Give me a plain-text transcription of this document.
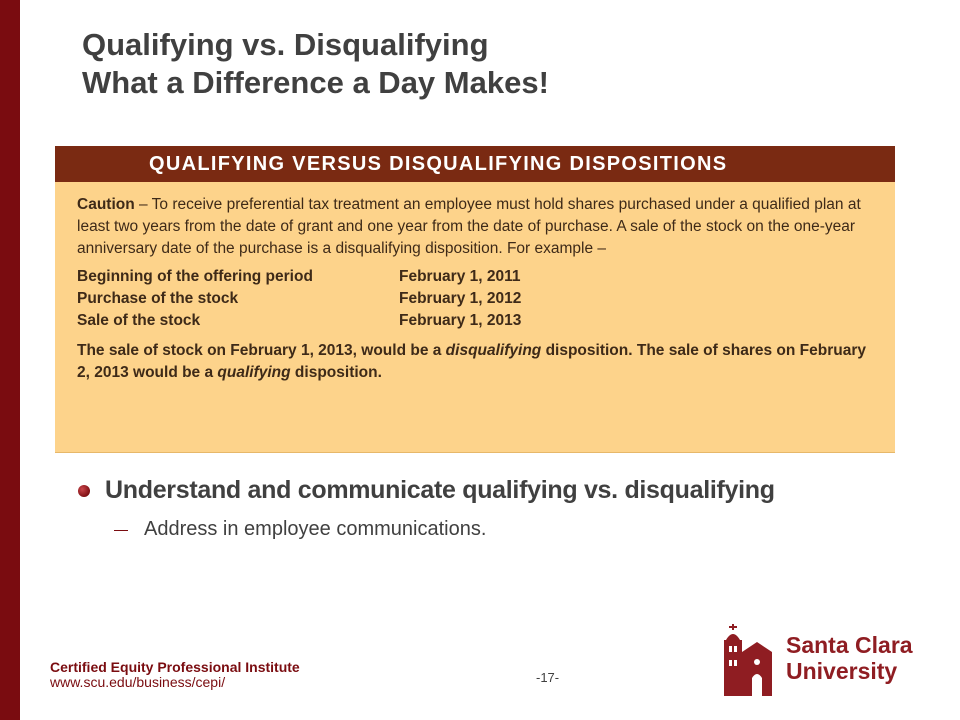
Qualifying vs. Disqualifying
What a Difference a Day Makes!
QUALIFYING VERSUS DISQUALIFYING DISPOSITIONS

Caution – To receive preferential tax treatment an employee must hold shares purchased under a qualified plan at least two years from the date of grant and one year from the date of purchase. A sale of the stock on the one-year anniversary date of the purchase is a disqualifying disposition. For example –

Beginning of the offering period	February 1, 2011
Purchase of the stock	February 1, 2012
Sale of the stock	February 1, 2013
The sale of stock on February 1, 2013, would be a disqualifying disposition. The sale of shares on February 2, 2013 would be a qualifying disposition.
Understand and communicate qualifying vs. disqualifying
Address in employee communications.
Certified Equity Professional Institute
www.scu.edu/business/cepi/	-17-
Santa Clara
University
